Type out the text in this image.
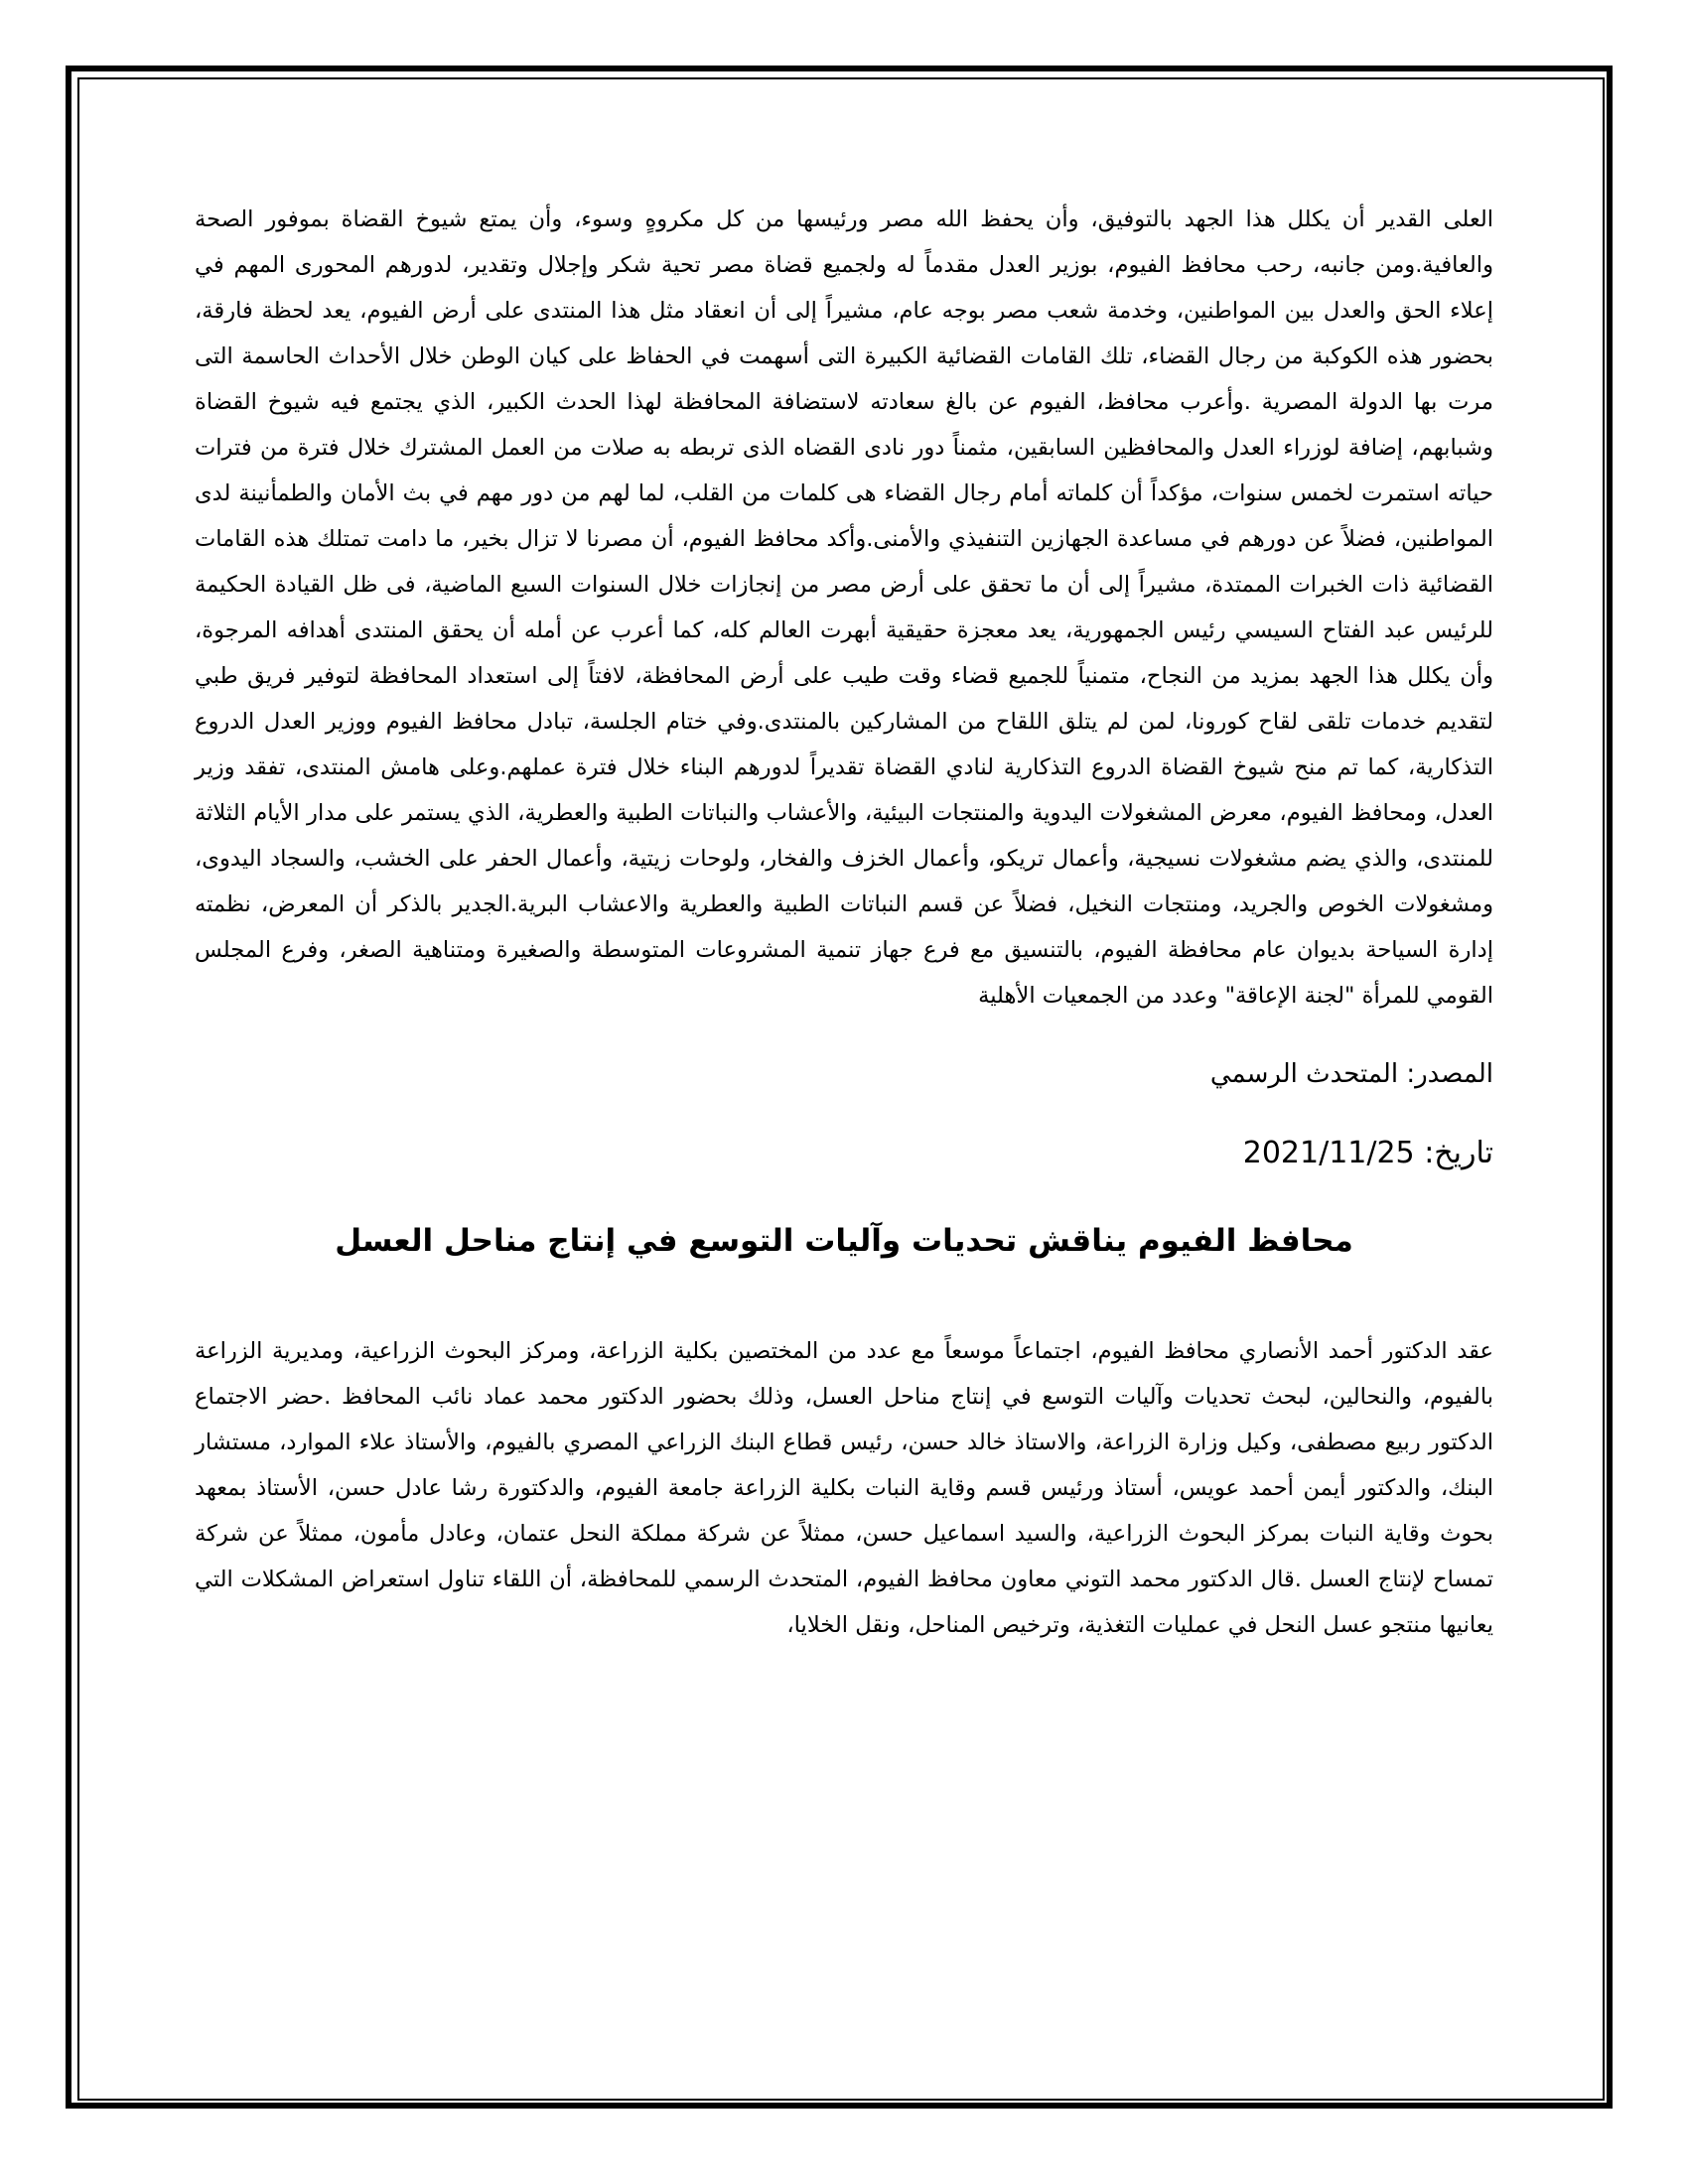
العلى القدير أن يكلل هذا الجهد بالتوفيق، وأن يحفظ الله مصر ورئيسها من كل مكروهٍ وسوء، وأن يمتع شيوخ القضاة بموفور الصحة والعافية.ومن جانبه، رحب محافظ الفيوم، بوزير العدل مقدماً له ولجميع قضاة مصر تحية شكر وإجلال وتقدير، لدورهم المحورى المهم في إعلاء الحق والعدل بين المواطنين، وخدمة شعب مصر بوجه عام، مشيراً إلى أن انعقاد مثل هذا المنتدى على أرض الفيوم، يعد لحظة فارقة، بحضور هذه الكوكبة من رجال القضاء، تلك القامات القضائية الكبيرة التى أسهمت في الحفاظ على كيان الوطن خلال الأحداث الحاسمة التى مرت بها الدولة المصرية .وأعرب محافظ، الفيوم عن بالغ سعادته لاستضافة المحافظة لهذا الحدث الكبير، الذي يجتمع فيه شيوخ القضاة وشبابهم، إضافة لوزراء العدل والمحافظين السابقين، مثمناً دور نادى القضاه الذى تربطه به صلات من العمل المشترك خلال فترة من فترات حياته استمرت لخمس سنوات، مؤكداً أن كلماته أمام رجال القضاء هى كلمات من القلب، لما لهم من دور مهم في بث الأمان والطمأنينة لدى المواطنين، فضلاً عن دورهم في مساعدة الجهازين التنفيذي والأمنى.وأكد محافظ الفيوم، أن مصرنا لا تزال بخير، ما دامت تمتلك هذه القامات القضائية ذات الخبرات الممتدة، مشيراً إلى أن ما تحقق على أرض مصر من إنجازات خلال السنوات السبع الماضية، فى ظل القيادة الحكيمة للرئيس عبد الفتاح السيسي رئيس الجمهورية، يعد معجزة حقيقية أبهرت العالم كله، كما أعرب عن أمله أن يحقق المنتدى أهدافه المرجوة، وأن يكلل هذا الجهد بمزيد من النجاح، متمنياً للجميع قضاء وقت طيب على أرض المحافظة، لافتاً إلى استعداد المحافظة لتوفير فريق طبي لتقديم خدمات تلقى لقاح كورونا، لمن لم يتلق اللقاح من المشاركين بالمنتدى.وفي ختام الجلسة، تبادل محافظ الفيوم ووزير العدل الدروع التذكارية، كما تم منح شيوخ القضاة الدروع التذكارية لنادي القضاة تقديراً لدورهم البناء خلال فترة عملهم.وعلى هامش المنتدى، تفقد وزير العدل، ومحافظ الفيوم، معرض المشغولات اليدوية والمنتجات البيئية، والأعشاب والنباتات الطبية والعطرية، الذي يستمر على مدار الأيام الثلاثة للمنتدى، والذي يضم مشغولات نسيجية، وأعمال تريكو، وأعمال الخزف والفخار، ولوحات زيتية، وأعمال الحفر على الخشب، والسجاد اليدوى، ومشغولات الخوص والجريد، ومنتجات النخيل، فضلاً عن قسم النباتات الطبية والعطرية والاعشاب البرية.الجدير بالذكر أن المعرض، نظمته إدارة السياحة بديوان عام محافظة الفيوم، بالتنسيق مع فرع جهاز تنمية المشروعات المتوسطة والصغيرة ومتناهية الصغر، وفرع المجلس القومي للمرأة "لجنة الإعاقة" وعدد من الجمعيات الأهلية

المصدر: المتحدث الرسمي

تاريخ: 2021/11/25

محافظ الفيوم يناقش تحديات وآليات التوسع في إنتاج مناحل العسل

عقد الدكتور أحمد الأنصاري محافظ الفيوم، اجتماعاً موسعاً مع عدد من المختصين بكلية الزراعة، ومركز البحوث الزراعية، ومديرية الزراعة بالفيوم، والنحالين، لبحث تحديات وآليات التوسع في إنتاج مناحل العسل، وذلك بحضور الدكتور محمد عماد نائب المحافظ .حضر الاجتماع الدكتور ربيع مصطفى، وكيل وزارة الزراعة، والاستاذ خالد حسن، رئيس قطاع البنك الزراعي المصري بالفيوم، والأستاذ علاء الموارد، مستشار البنك، والدكتور أيمن أحمد عويس، أستاذ ورئيس قسم وقاية النبات بكلية الزراعة جامعة الفيوم، والدكتورة رشا عادل حسن، الأستاذ بمعهد بحوث وقاية النبات بمركز البحوث الزراعية، والسيد اسماعيل حسن، ممثلاً عن شركة مملكة النحل عتمان، وعادل مأمون، ممثلاً عن شركة تمساح لإنتاج العسل .قال الدكتور محمد التوني معاون محافظ الفيوم، المتحدث الرسمي للمحافظة، أن اللقاء تناول استعراض المشكلات التي يعانيها منتجو عسل النحل في عمليات التغذية، وترخيص المناحل، ونقل الخلايا،
